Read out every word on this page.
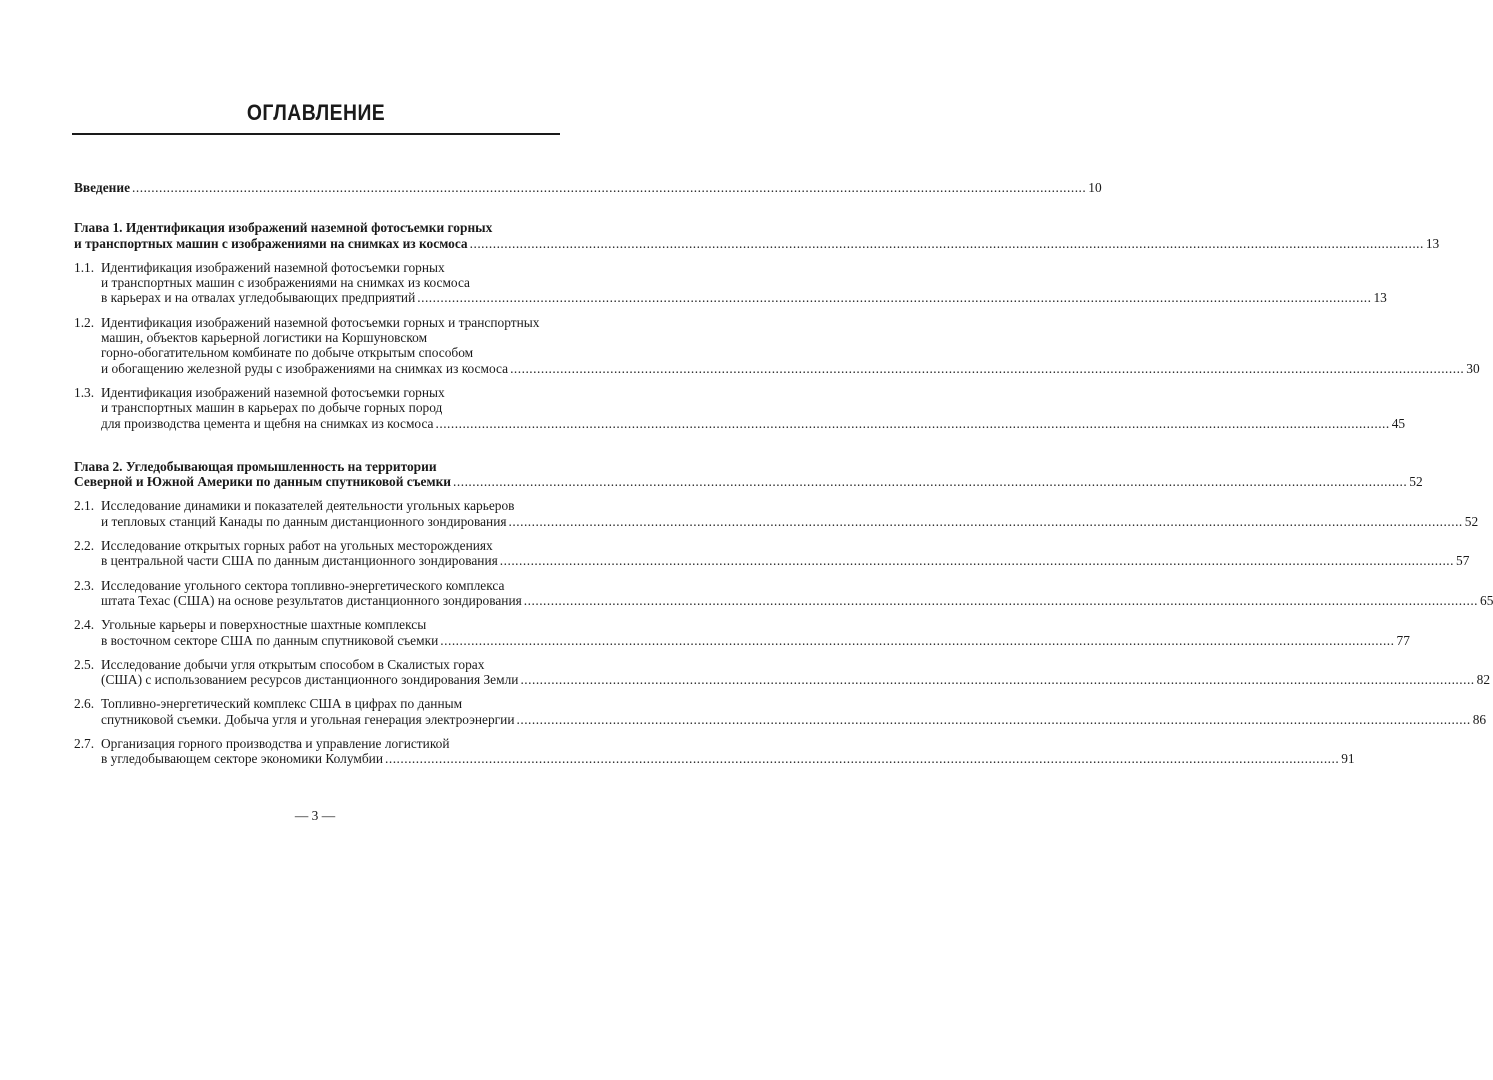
ОГЛАВЛЕНИЕ
Введение ........................................................................................................................................................................................................................................................ 10
Глава 1. Идентификация изображений наземной фотосъемки горных
и транспортных машин с изображениями на снимках из космоса ........................................................................................................................................................................................................................................................ 13
1.1. Идентификация изображений наземной фотосъемки горных
и транспортных машин с изображениями на снимках из космоса
в карьерах и на отвалах угледобывающих предприятий ........................................................................................................................................................................................................................................................ 13
1.2. Идентификация изображений наземной фотосъемки горных и транспортных
машин, объектов карьерной логистики на Коршуновском
горно-обогатительном комбинате по добыче открытым способом
и обогащению железной руды с изображениями на снимках из космоса ........................................................................................................................................................................................................................................................ 30
1.3. Идентификация изображений наземной фотосъемки горных
и транспортных машин в карьерах по добыче горных пород
для производства цемента и щебня на снимках из космоса ........................................................................................................................................................................................................................................................ 45
Глава 2. Угледобывающая промышленность на территории
Северной и Южной Америки по данным спутниковой съемки ........................................................................................................................................................................................................................................................ 52
2.1. Исследование динамики и показателей деятельности угольных карьеров
и тепловых станций Канады по данным дистанционного зондирования ........................................................................................................................................................................................................................................................ 52
2.2. Исследование открытых горных работ на угольных месторождениях
в центральной части США по данным дистанционного зондирования ........................................................................................................................................................................................................................................................ 57
2.3. Исследование угольного сектора топливно-энергетического комплекса
штата Техас (США) на основе результатов дистанционного зондирования ........................................................................................................................................................................................................................................................ 65
2.4. Угольные карьеры и поверхностные шахтные комплексы
в восточном секторе США по данным спутниковой съемки ........................................................................................................................................................................................................................................................ 77
2.5. Исследование добычи угля открытым способом в Скалистых горах
(США) с использованием ресурсов дистанционного зондирования Земли ........................................................................................................................................................................................................................................................ 82
2.6. Топливно-энергетический комплекс США в цифрах по данным
спутниковой съемки. Добыча угля и угольная генерация электроэнергии ........................................................................................................................................................................................................................................................ 86
2.7. Организация горного производства и управление логистикой
в угледобывающем секторе экономики Колумбии ........................................................................................................................................................................................................................................................ 91
— 3 —
